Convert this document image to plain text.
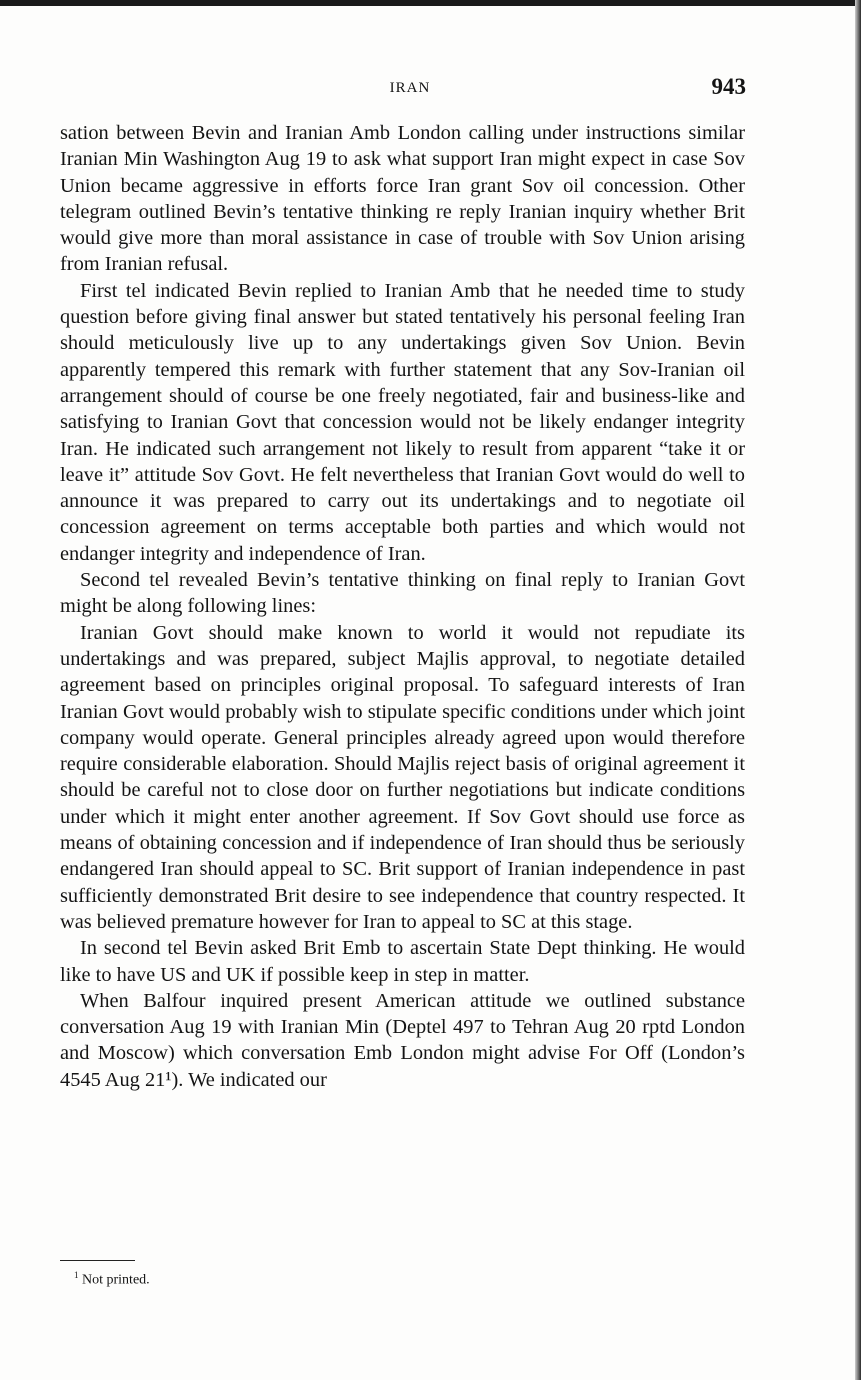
IRAN	943

sation between Bevin and Iranian Amb London calling under instructions similar Iranian Min Washington Aug 19 to ask what support Iran might expect in case Sov Union became aggressive in efforts force Iran grant Sov oil concession. Other telegram outlined Bevin’s tentative thinking re reply Iranian inquiry whether Brit would give more than moral assistance in case of trouble with Sov Union arising from Iranian refusal.

First tel indicated Bevin replied to Iranian Amb that he needed time to study question before giving final answer but stated tentatively his personal feeling Iran should meticulously live up to any undertakings given Sov Union. Bevin apparently tempered this remark with further statement that any Sov-Iranian oil arrangement should of course be one freely negotiated, fair and business-like and satisfying to Iranian Govt that concession would not be likely endanger integrity Iran. He indicated such arrangement not likely to result from apparent “take it or leave it” attitude Sov Govt. He felt nevertheless that Iranian Govt would do well to announce it was prepared to carry out its undertakings and to negotiate oil concession agreement on terms acceptable both parties and which would not endanger integrity and independence of Iran.

Second tel revealed Bevin’s tentative thinking on final reply to Iranian Govt might be along following lines:

Iranian Govt should make known to world it would not repudiate its undertakings and was prepared, subject Majlis approval, to negotiate detailed agreement based on principles original proposal. To safeguard interests of Iran Iranian Govt would probably wish to stipulate specific conditions under which joint company would operate. General principles already agreed upon would therefore require considerable elaboration. Should Majlis reject basis of original agreement it should be careful not to close door on further negotiations but indicate conditions under which it might enter another agreement. If Sov Govt should use force as means of obtaining concession and if independence of Iran should thus be seriously endangered Iran should appeal to SC. Brit support of Iranian independence in past sufficiently demonstrated Brit desire to see independence that country respected. It was believed premature however for Iran to appeal to SC at this stage.

In second tel Bevin asked Brit Emb to ascertain State Dept thinking. He would like to have US and UK if possible keep in step in matter.

When Balfour inquired present American attitude we outlined substance conversation Aug 19 with Iranian Min (Deptel 497 to Tehran Aug 20 rptd London and Moscow) which conversation Emb London might advise For Off (London’s 4545 Aug 21¹). We indicated our

$^1$ Not printed.
